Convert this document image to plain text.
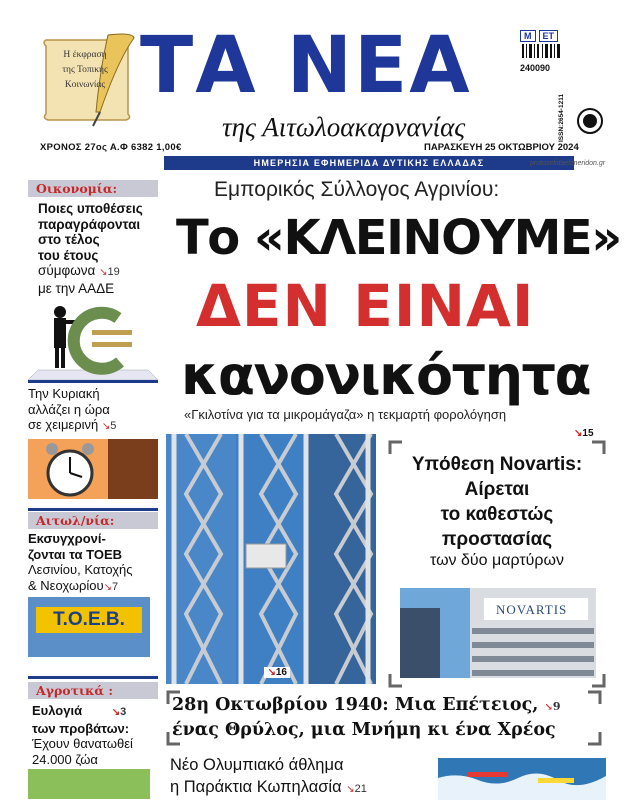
Η έκφραση
της Τοπικής
Κοινωνίας ΤΑ ΝΕΑ
της Αιτωλοακαρνανίας
Μ	ΕΤ
240090
ISSN:2654-1211
ΧΡΟΝΟΣ 27ος Α.Φ 6382 1,00€	ΠΑΡΑΣΚΕΥΗ 25 ΟΚΤΩΒΡΙΟΥ 2024
ΗΜΕΡΗΣΙΑ ΕΦΗΜΕΡΙΔΑ ΔΥΤΙΚΗΣ ΕΛΛΑΔΑΣ	protoselidaefimeridon.gr
Οικονομία:
Ποιες υποθέσεις
παραγράφονται
στο τέλος
του έτους
σύμφωνα ↘19
με την ΑΑΔΕ
Την Κυριακή
αλλάζει η ώρα
σε χειμερινή ↘5
Αιτωλ/νία:
Εκσυγχρονί-
ζονται τα ΤΟΕΒ
Λεσινίου, Κατοχής
& Νεοχωρίου↘7
Τ.Ο.Ε.Β.
Αγροτικά :
Ευλογιά	↘3
των προβάτων:
Έχουν θανατωθεί
24.000 ζώα
Εμπορικός Σύλλογος Αγρινίου:
Το «ΚΛΕΙΝΟΥΜΕ»
ΔΕΝ ΕΙΝΑΙ
κανονικότητα
«Γκιλοτίνα για τα μικρομάγαζα» η τεκμαρτή φορολόγηση
↘15
↘16
Υπόθεση Novartis:
Αίρεται
το καθεστώς
προστασίας
των δύο μαρτύρων
NOVARTIS
28η Οκτωβρίου 1940: Μια Επέτειος, ↘9
ένας Θρύλος, μια Μνήμη κι ένα Χρέος
Νέο Ολυμπιακό άθλημα
η Παράκτια Κωπηλασία ↘21
